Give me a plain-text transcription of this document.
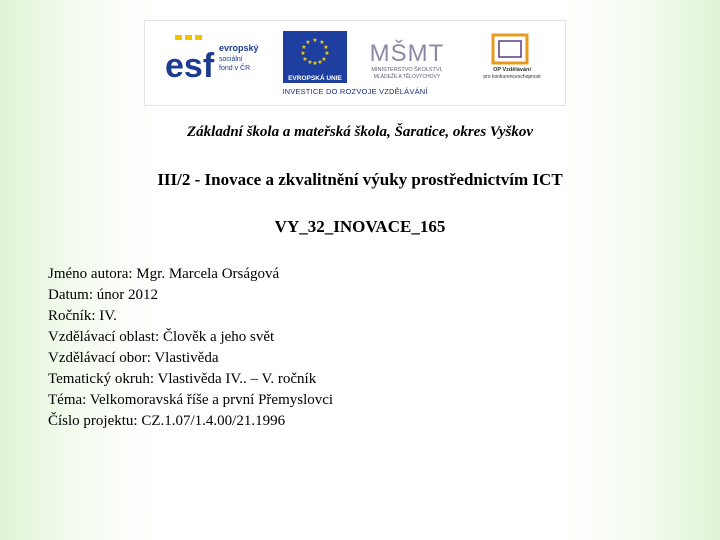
esf evropský
sociální
fond v ČR
★ ★
★
★
★
★
★
★
★
★
★
★
EVROPSKÁ UNIE
MŠMT
MINISTERSTVO ŠKOLSTVÍ,
MLÁDEŽE A TĚLOVÝCHOVY
OP Vzdělávání
pro konkurenceschopnost
INVESTICE DO ROZVOJE VZDĚLÁVÁNÍ
Základní škola a mateřská škola, Šaratice, okres Vyškov
III/2 - Inovace a zkvalitnění výuky prostřednictvím ICT
VY_32_INOVACE_165
Jméno autora: Mgr. Marcela Orságová
Datum: únor 2012
Ročník: IV.
Vzdělávací oblast: Člověk a jeho svět
Vzdělávací obor: Vlastivěda
Tematický okruh: Vlastivěda IV.. – V. ročník
Téma: Velkomoravská říše a první Přemyslovci
Číslo projektu: CZ.1.07/1.4.00/21.1996
